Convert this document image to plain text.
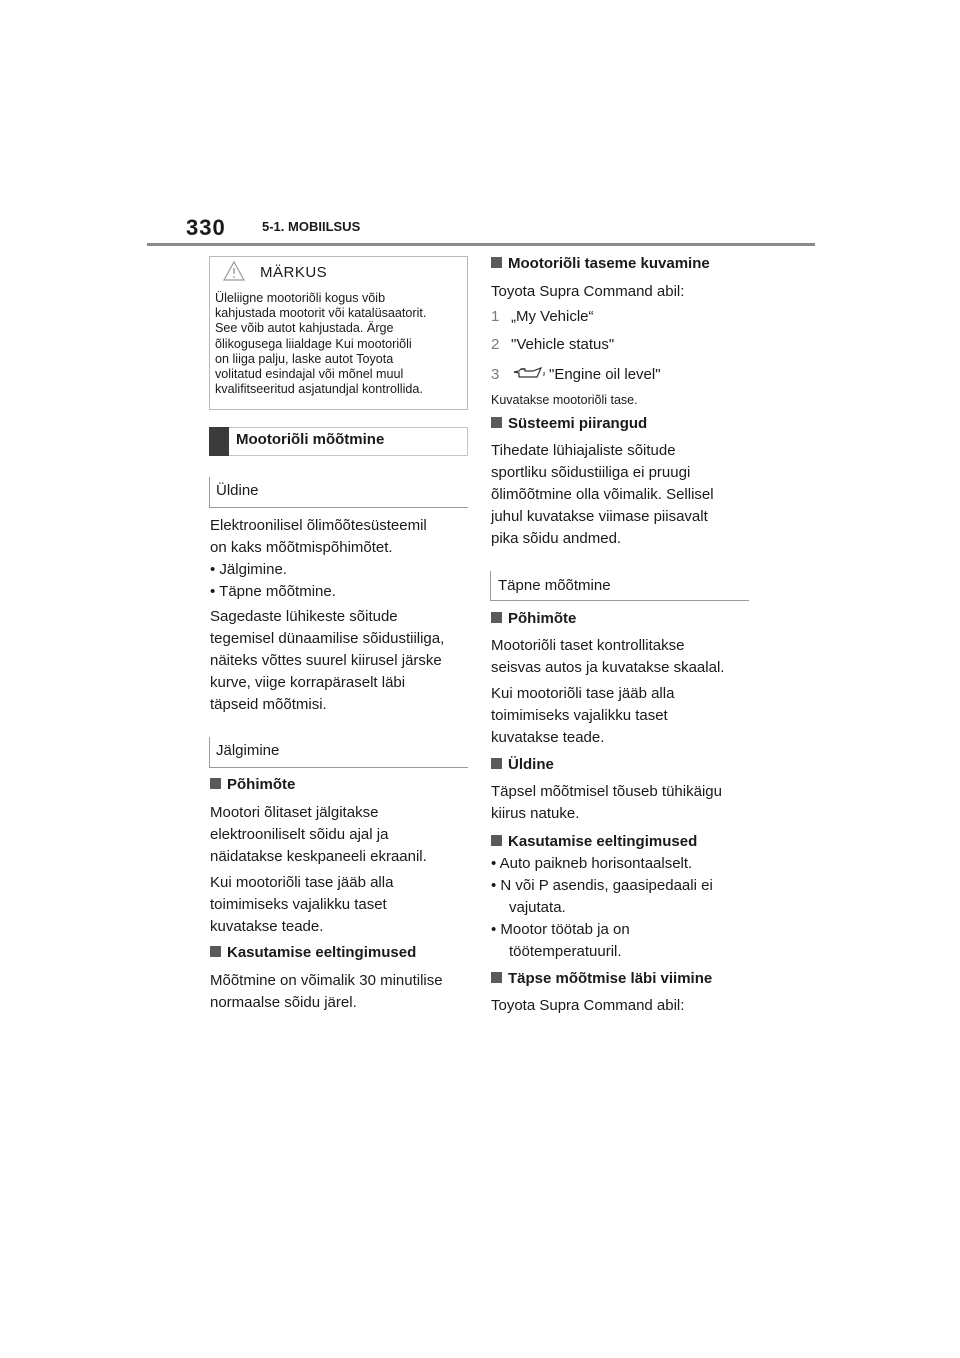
330	5-1. MOBIILSUS
MÄRKUS
Üleliigne mootoriõli kogus võib
kahjustada mootorit või katalüsaatorit.
See võib autot kahjustada. Ärge
õlikogusega liialdage Kui mootoriõli
on liiga palju, laske autot Toyota
volitatud esindajal või mõnel muul
kvalifitseeritud asjatundjal kontrollida.
Mootoriõli mõõtmine
Üldine
Elektroonilisel õlimõõtesüsteemil
on kaks mõõtmispõhimõtet.
• Jälgimine.
• Täpne mõõtmine.
Sagedaste lühikeste sõitude
tegemisel dünaamilise sõidustiiliga,
näiteks võttes suurel kiirusel järske
kurve, viige korrapäraselt läbi
täpseid mõõtmisi.
Jälgimine
Põhimõte
Mootori õlitaset jälgitakse
elektrooniliselt sõidu ajal ja
näidatakse keskpaneeli ekraanil.
Kui mootoriõli tase jääb alla
toimimiseks vajalikku taset
kuvatakse teade.
Kasutamise eeltingimused
Mõõtmine on võimalik 30 minutilise
normaalse sõidu järel.
Mootoriõli taseme kuvamine
Toyota Supra Command abil:
1 „My Vehicle“
2 "Vehicle status"
3	"Engine oil level"
Kuvatakse mootoriõli tase.
Süsteemi piirangud
Tihedate lühiajaliste sõitude
sportliku sõidustiiliga ei pruugi
õlimõõtmine olla võimalik. Sellisel
juhul kuvatakse viimase piisavalt
pika sõidu andmed.
Täpne mõõtmine
Põhimõte
Mootoriõli taset kontrollitakse
seisvas autos ja kuvatakse skaalal.
Kui mootoriõli tase jääb alla
toimimiseks vajalikku taset
kuvatakse teade.
Üldine
Täpsel mõõtmisel tõuseb tühikäigu
kiirus natuke.
Kasutamise eeltingimused
• Auto paikneb horisontaalselt.
• N või P asendis, gaasipedaali ei
vajutata.
• Mootor töötab ja on
töötemperatuuril.
Täpse mõõtmise läbi viimine
Toyota Supra Command abil:
